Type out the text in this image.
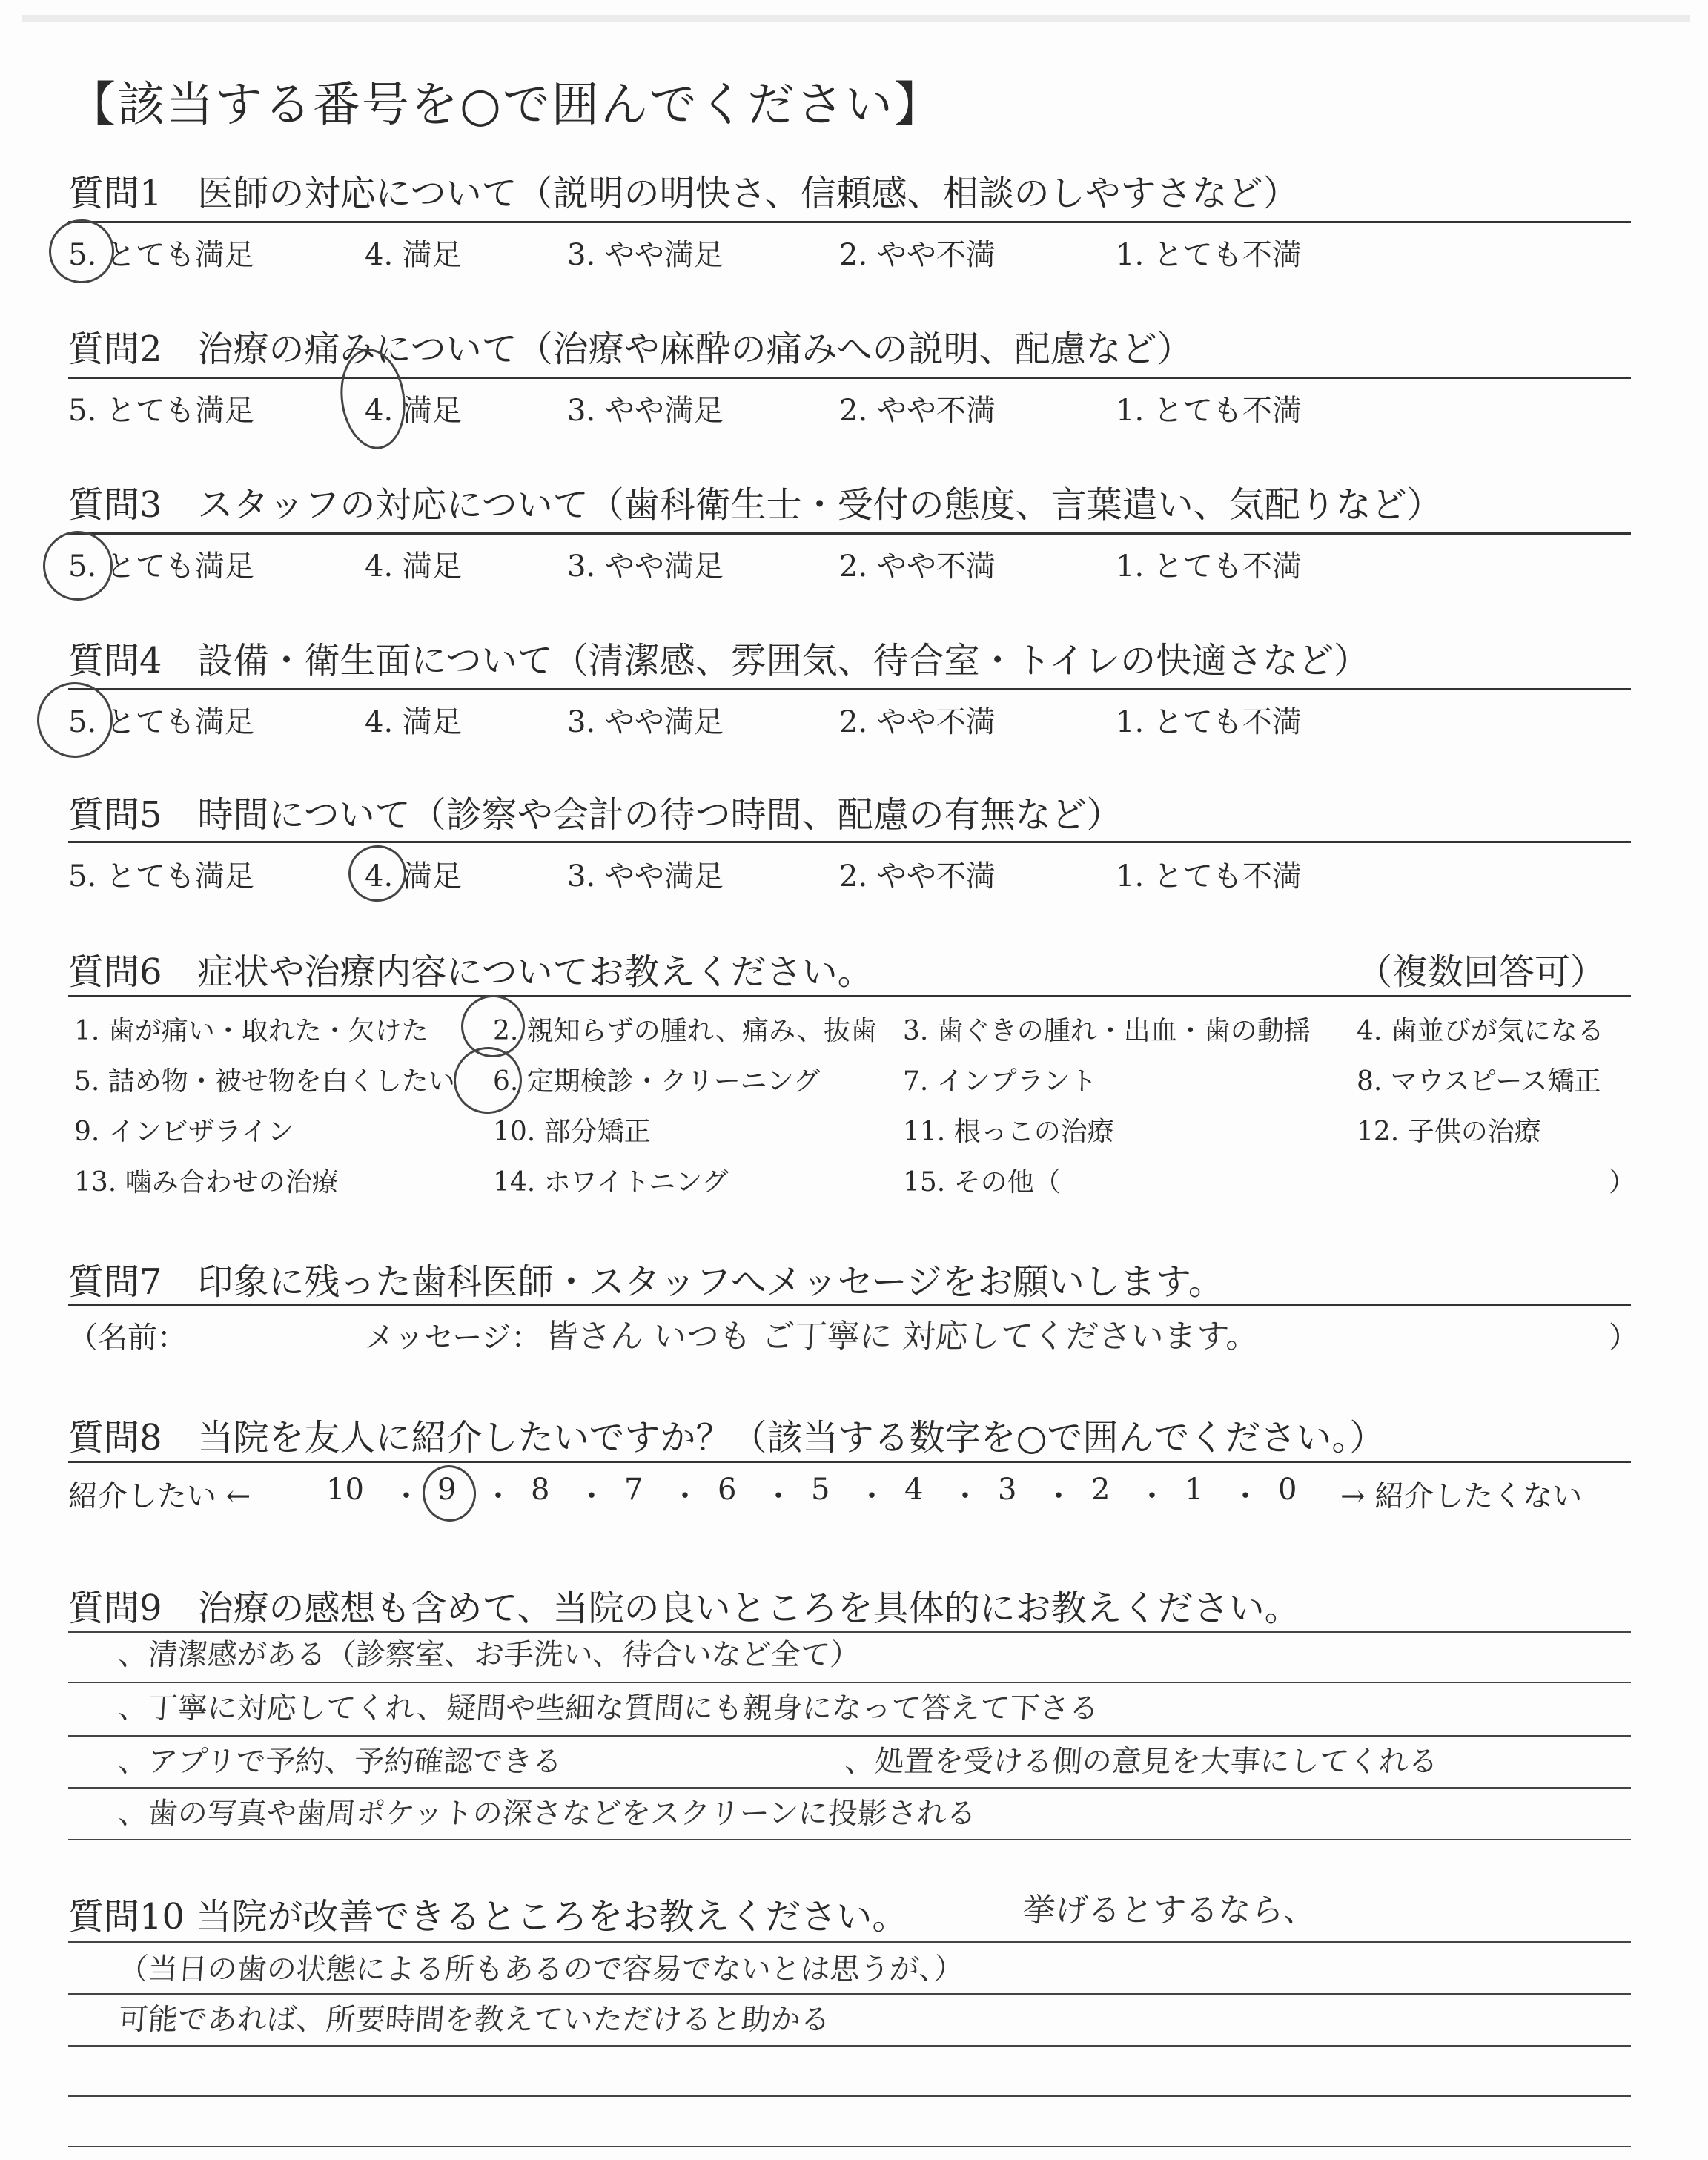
【該当する番号を○で囲んでください】
質問1　医師の対応について（説明の明快さ、信頼感、相談のしやすさなど）
5. とても満足	4. 満足	3. やや満足	2. やや不満	1. とても不満
質問2　治療の痛みについて（治療や麻酔の痛みへの説明、配慮など）
5. とても満足	4. 満足	3. やや満足	2. やや不満	1. とても不満
質問3　スタッフの対応について（歯科衛生士・受付の態度、言葉遣い、気配りなど）
5. とても満足	4. 満足	3. やや満足	2. やや不満	1. とても不満
質問4　設備・衛生面について（清潔感、雰囲気、待合室・トイレの快適さなど）
5. とても満足	4. 満足	3. やや満足	2. やや不満	1. とても不満
質問5　時間について（診察や会計の待つ時間、配慮の有無など）
5. とても満足	4. 満足	3. やや満足	2. やや不満	1. とても不満
質問6　症状や治療内容についてお教えください。	（複数回答可）
1. 歯が痛い・取れた・欠けた 2. 親知らずの腫れ、痛み、抜歯 3. 歯ぐきの腫れ・出血・歯の動揺 4. 歯並びが気になる
5. 詰め物・被せ物を白くしたい 6. 定期検診・クリーニング	7. インプラント	8. マウスピース矯正
9. インビザライン	10. 部分矯正	11. 根っこの治療	12. 子供の治療
13. 噛み合わせの治療	14. ホワイトニング	15. その他（	）
質問7　印象に残った歯科医師・スタッフへメッセージをお願いします。
（名前：	メッセージ： 皆さん いつも ご丁寧に 対応してくださいます。	）
質問8　当院を友人に紹介したいですか？（該当する数字を○で囲んでください。）
紹介したい ←	10 ・ 9 ・ 8 ・ 7 ・ 6 ・ 5 ・ 4 ・ 3 ・ 2 ・ 1 ・ 0 → 紹介したくない
質問9　治療の感想も含めて、当院の良いところを具体的にお教えください。
、清潔感がある（診察室、お手洗い、待合いなど全て）
、丁寧に対応してくれ、疑問や些細な質問にも親身になって答えて下さる
、アプリで予約、予約確認できる	、処置を受ける側の意見を大事にしてくれる
、歯の写真や歯周ポケットの深さなどをスクリーンに投影される
質問10 当院が改善できるところをお教えください。	挙げるとするなら、
（当日の歯の状態による所もあるので容易でないとは思うが、）
可能であれば、所要時間を教えていただけると助かる
